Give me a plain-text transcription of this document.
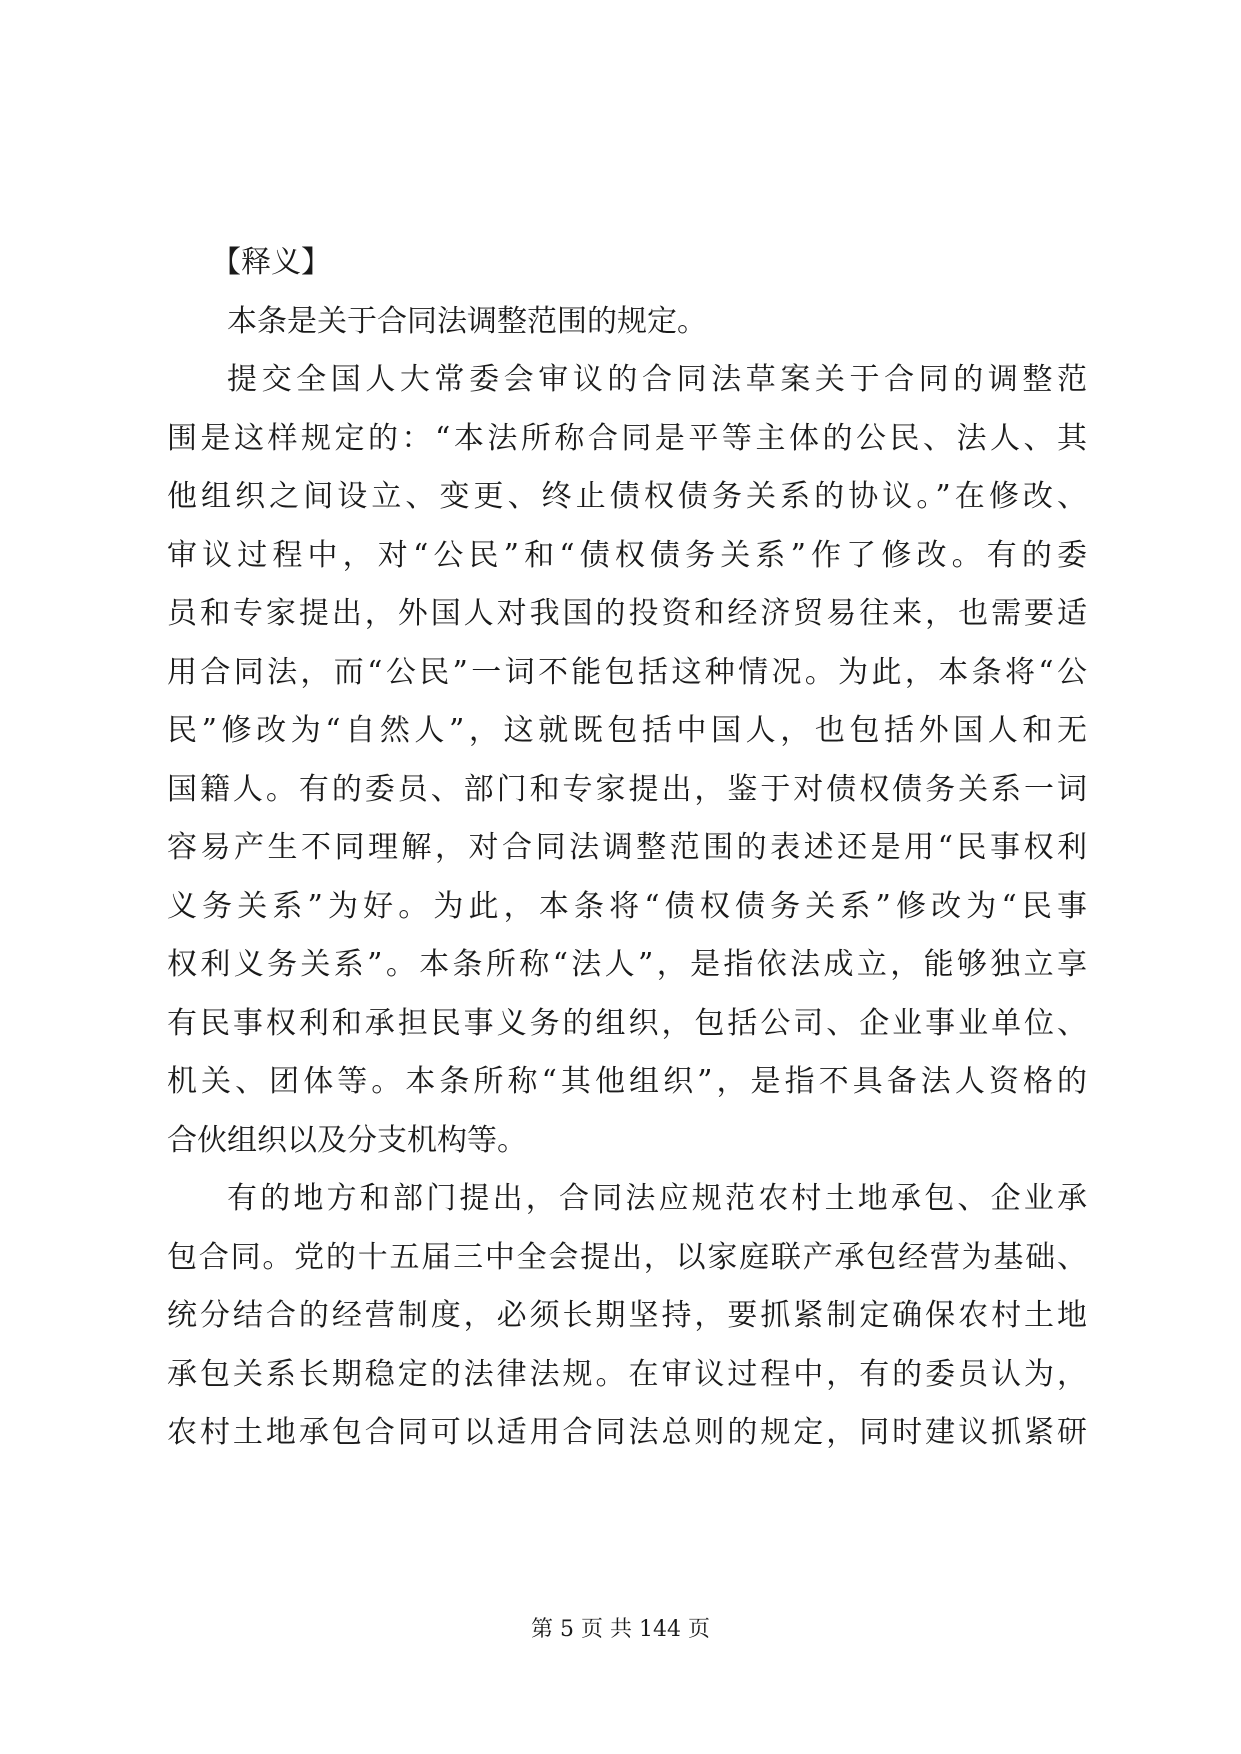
【释义】
本条是关于合同法调整范围的规定。
提交全国人大常委会审议的合同法草案关于合同的调整范
围是这样规定的：“本法所称合同是平等主体的公民、法人、其
他组织之间设立、变更、终止债权债务关系的协议。”在修改、
审议过程中，对“公民”和“债权债务关系”作了修改。有的委
员和专家提出，外国人对我国的投资和经济贸易往来，也需要适
用合同法，而“公民”一词不能包括这种情况。为此，本条将“公
民”修改为“自然人”，这就既包括中国人，也包括外国人和无
国籍人。有的委员、部门和专家提出，鉴于对债权债务关系一词
容易产生不同理解，对合同法调整范围的表述还是用“民事权利
义务关系”为好。为此，本条将“债权债务关系”修改为“民事
权利义务关系”。本条所称“法人”，是指依法成立，能够独立享
有民事权利和承担民事义务的组织，包括公司、企业事业单位、
机关、团体等。本条所称“其他组织”，是指不具备法人资格的
合伙组织以及分支机构等。
有的地方和部门提出，合同法应规范农村土地承包、企业承
包合同。党的十五届三中全会提出，以家庭联产承包经营为基础、
统分结合的经营制度，必须长期坚持，要抓紧制定确保农村土地
承包关系长期稳定的法律法规。在审议过程中，有的委员认为，
农村土地承包合同可以适用合同法总则的规定，同时建议抓紧研
第 5 页 共 144 页
